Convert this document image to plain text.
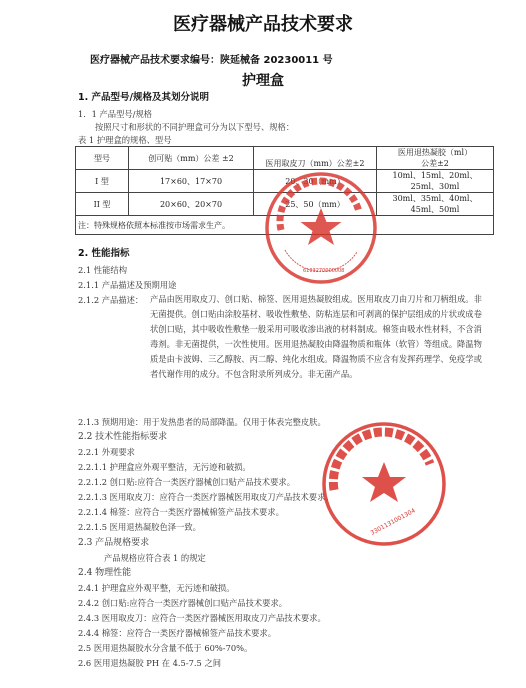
医疗器械产品技术要求
医疗器械产品技术要求编号：陕延械备 20230011 号
护理盒
1. 产品型号/规格及其划分说明
1．1 产品型号/规格
按照尺寸和形状的不同护理盒可分为以下型号、规格：
表 1 护理盒的规格、型号
型号	创可贴（mm）公差 ±2	医用取皮刀（mm）公差±2	医用退热凝胶（ml）
公差±2

I 型	17×60、17×70	20、30（mm）	10ml、15ml、20ml、25ml、30ml
II 型	20×60、20×70	25、50（mm）	30ml、35ml、40ml、45ml、50ml
注：特殊规格依照本标准按市场需求生产。			
2. 性能指标
2.1 性能结构
2.1.1 产品描述及预期用途
2.1.2 产品描述： 产品由医用取皮刀、创口贴、棉签、医用退热凝胶组成。医用取皮刀由刀片和刀柄组成。非无菌提供。创口贴由涂胶基材、吸收性敷垫、防粘连层和可剥离的保护层组成的片状或成卷状创口贴，其中吸收性敷垫一般采用可吸收渗出液的材料制成。棉签由吸水性材料，不含消毒剂。非无菌提供，一次性使用。医用退热凝胶由降温物质和瓶体（软管）等组成。降温物质是由卡波姆、三乙醇胺、丙二醇、纯化水组成。降温物质不应含有发挥药理学、免疫学或者代谢作用的成分。不包含附录所列成分。非无菌产品。
2.1.3 预期用途：用于发热患者的局部降温。仅用于体表完整皮肤。
2.2 技术性能指标要求
2.2.1 外观要求
2.2.1.1 护理盒应外观平整洁，无污迹和破损。
2.2.1.2 创口贴:应符合一类医疗器械创口贴产品技术要求。
2.2.1.3 医用取皮刀：应符合一类医疗器械医用取皮刀产品技术要求。
2.2.1.4 棉签：应符合一类医疗器械棉签产品技术要求。
2.2.1.5 医用退热凝胶色泽一致。
2.3 产品规格要求
产品规格应符合表 1 的规定
2.4 物理性能
2.4.1 护理盒应外观平整，无污迹和破损。
2.4.2 创口贴:应符合一类医疗器械创口贴产品技术要求。
2.4.3 医用取皮刀：应符合一类医疗器械医用取皮刀产品技术要求。
2.4.4 棉签：应符合一类医疗器械棉签产品技术要求。
2.5 医用退热凝胶水分含量不低于 60%-70%。
2.6 医用退热凝胶 PH 在 4.5-7.5 之间
6103270000008
3301131001304
